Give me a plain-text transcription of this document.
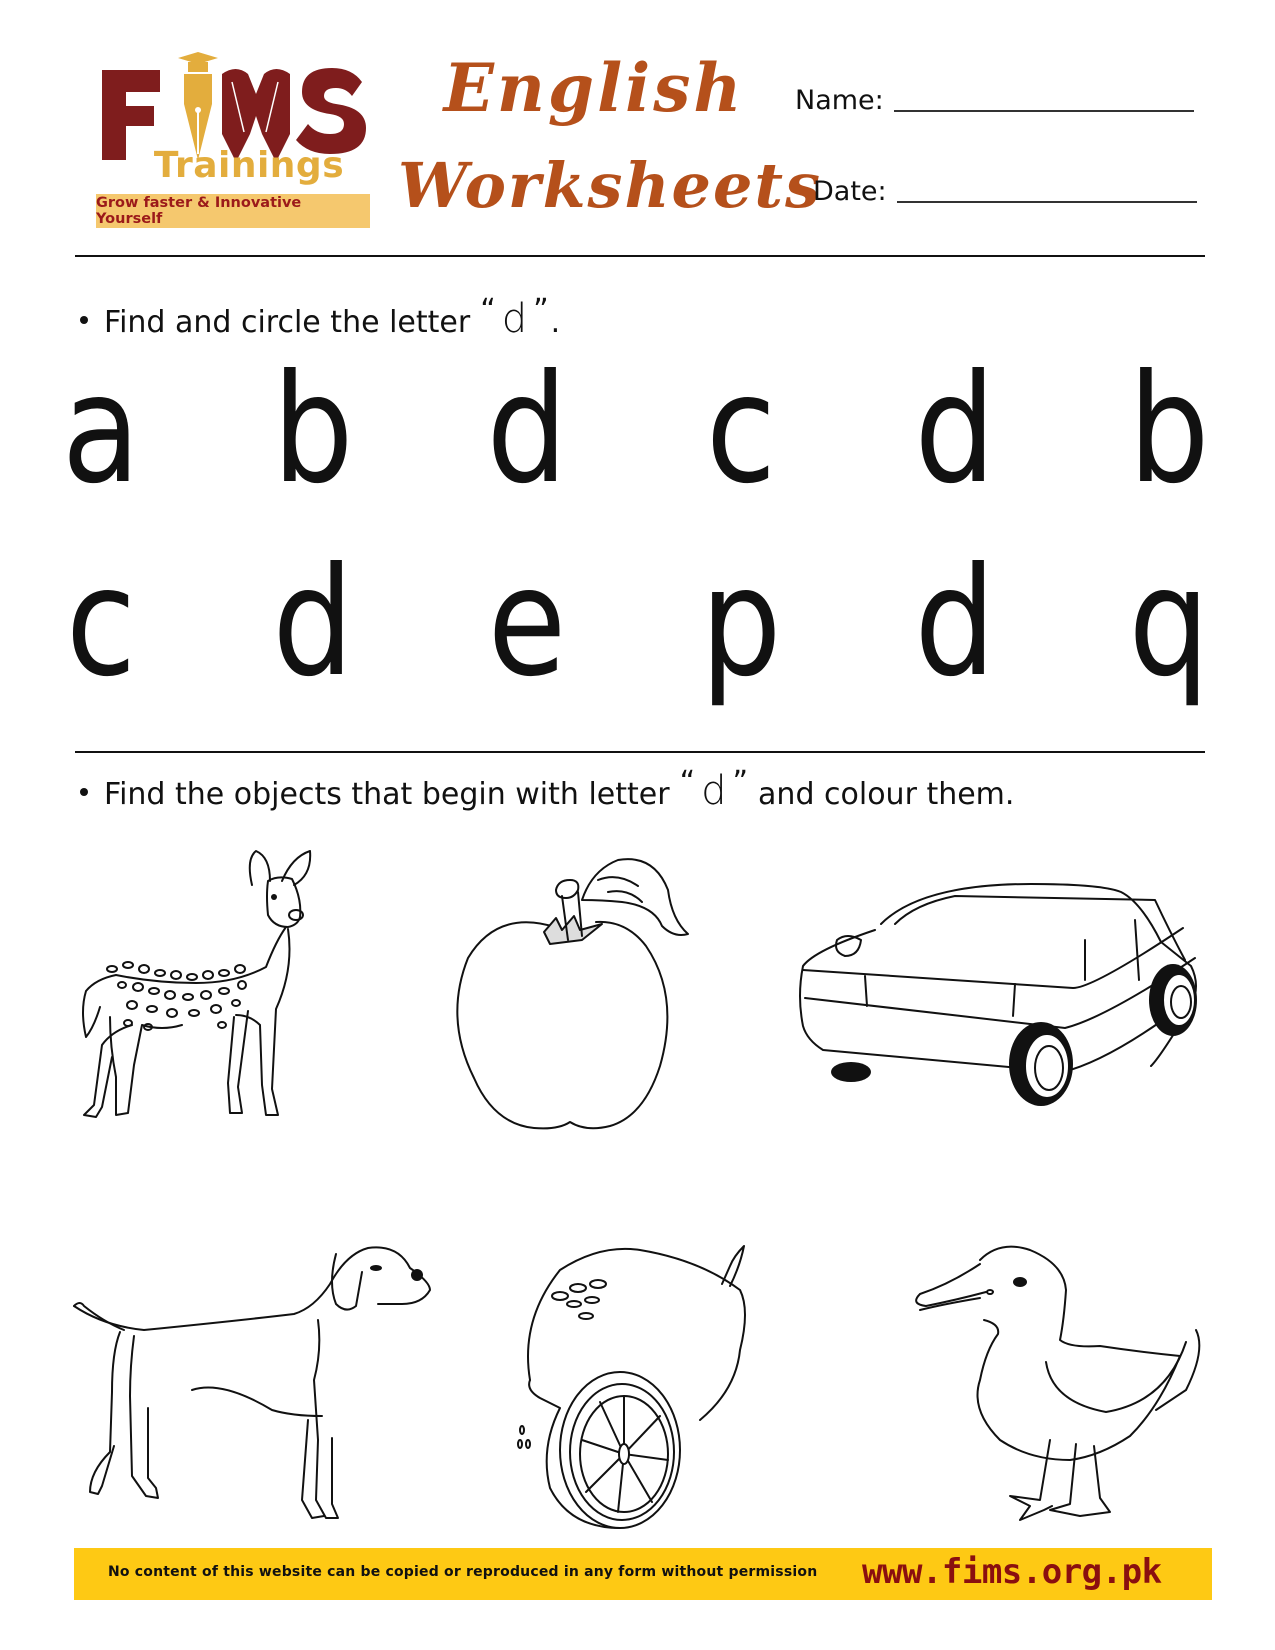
Trainings
Grow faster & Innovative Yourself
English
Worksheets
Name:
Date:
Find and circle the letter “ d ” .
a b d c d b
c d e p d q
Find the objects that begin with letter “ d ” and colour them.
No content of this website can be copied or reproduced in any form without permission www.fims.org.pk
